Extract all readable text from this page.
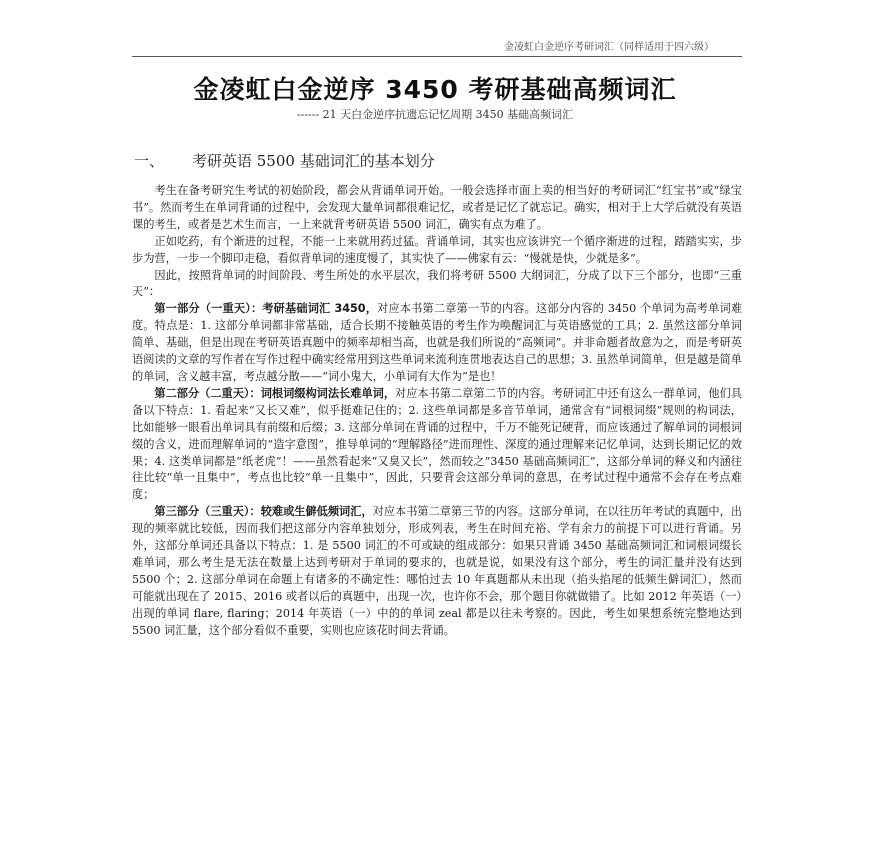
金凌虹白金逆序考研词汇（同样适用于四六级）
金凌虹白金逆序 3450 考研基础高频词汇
------ 21 天白金逆序抗遗忘记忆周期 3450 基础高频词汇
一、 考研英语 5500 基础词汇的基本划分

考生在备考研究生考试的初始阶段，都会从背诵单词开始。一般会选择市面上卖的相当好的考研词汇“红宝书”或“绿宝书”。然而考生在单词背诵的过程中，会发现大量单词都很难记忆，或者是记忆了就忘记。确实，相对于上大学后就没有英语课的考生，或者是艺术生而言，一上来就背考研英语 5500 词汇，确实有点为难了。

正如吃药，有个渐进的过程，不能一上来就用药过猛。背诵单词，其实也应该讲究一个循序渐进的过程，踏踏实实，步步为营，一步一个脚印走稳，看似背单词的速度慢了，其实快了——佛家有云：“慢就是快，少就是多”。

因此，按照背单词的时间阶段、考生所处的水平层次，我们将考研 5500 大纲词汇，分成了以下三个部分，也即“三重天”：

第一部分（一重天）：考研基础词汇 3450，对应本书第二章第一节的内容。这部分内容的 3450 个单词为高考单词难度。特点是：1. 这部分单词都非常基础，适合长期不接触英语的考生作为唤醒词汇与英语感觉的工具；2. 虽然这部分单词简单、基础，但是出现在考研英语真题中的频率却相当高，也就是我们所说的“高频词”。并非命题者故意为之，而是考研英语阅读的文章的写作者在写作过程中确实经常用到这些单词来流利连贯地表达自己的思想；3. 虽然单词简单，但是越是简单的单词，含义越丰富，考点越分散——“词小鬼大，小单词有大作为”是也！

第二部分（二重天）：词根词缀构词法长难单词，对应本书第二章第二节的内容。考研词汇中还有这么一群单词，他们具备以下特点：1. 看起来“又长又难”，似乎挺难记住的；2. 这些单词都是多音节单词，通常含有“词根词缀”规则的构词法，比如能够一眼看出单词具有前缀和后缀；3. 这部分单词在背诵的过程中，千万不能死记硬背，而应该通过了解单词的词根词缀的含义，进而理解单词的“造字意图”，推导单词的“理解路径”进而理性、深度的通过理解来记忆单词，达到长期记忆的效果；4. 这类单词都是“纸老虎”！——虽然看起来“又臭又长”，然而较之“3450 基础高频词汇”，这部分单词的释义和内涵往往比较“单一且集中”，考点也比较“单一且集中”，因此，只要背会这部分单词的意思，在考试过程中通常不会存在考点难度；

第三部分（三重天）：较难或生僻低频词汇，对应本书第二章第三节的内容。这部分单词，在以往历年考试的真题中，出现的频率就比较低，因而我们把这部分内容单独划分，形成列表，考生在时间充裕、学有余力的前提下可以进行背诵。另外，这部分单词还具备以下特点：1. 是 5500 词汇的不可或缺的组成部分：如果只背诵 3450 基础高频词汇和词根词缀长难单词，那么考生是无法在数量上达到考研对于单词的要求的，也就是说，如果没有这个部分，考生的词汇量并没有达到 5500 个；2. 这部分单词在命题上有诸多的不确定性：哪怕过去 10 年真题都从未出现（掐头掐尾的低频生僻词汇），然而可能就出现在了 2015、2016 或者以后的真题中，出现一次，也许你不会，那个题目你就做错了。比如 2012 年英语（一）出现的单词 flare, flaring；2014 年英语（一）中的的单词 zeal 都是以往未考察的。因此，考生如果想系统完整地达到 5500 词汇量，这个部分看似不重要，实则也应该花时间去背诵。
